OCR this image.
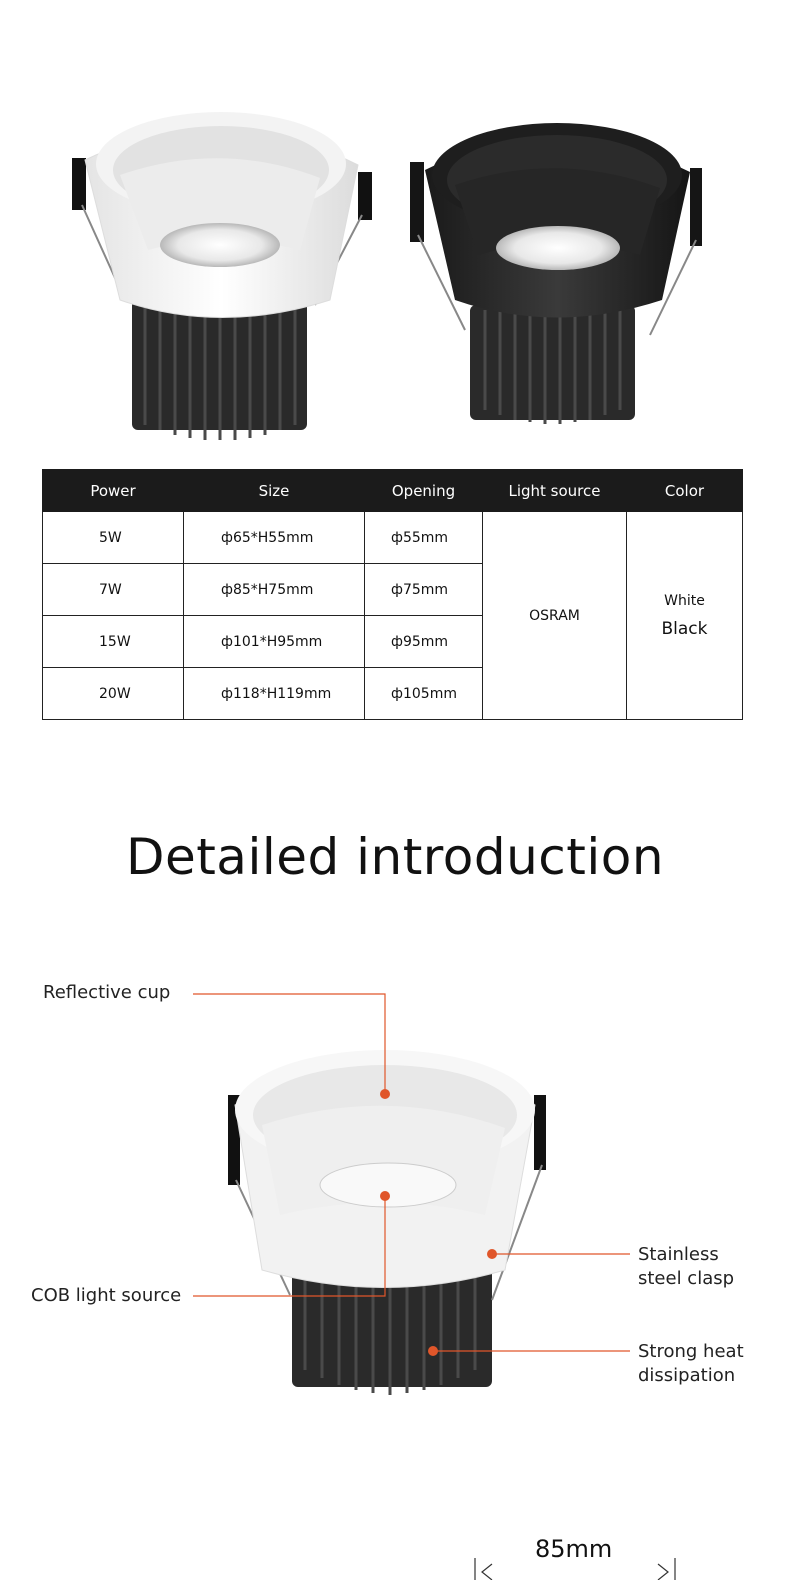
Power	Size	Opening	Light source	Color
5W	ф65*H55mm	ф55mm	OSRAM	White
Black

7W	ф85*H75mm	ф75mm		
15W	ф101*H95mm	ф95mm		
20W	ф118*H119mm	ф105mm		
Detailed introduction
Reflective cup
COB light source
Stainless
steel clasp
Strong heat
dissipation
85mm
